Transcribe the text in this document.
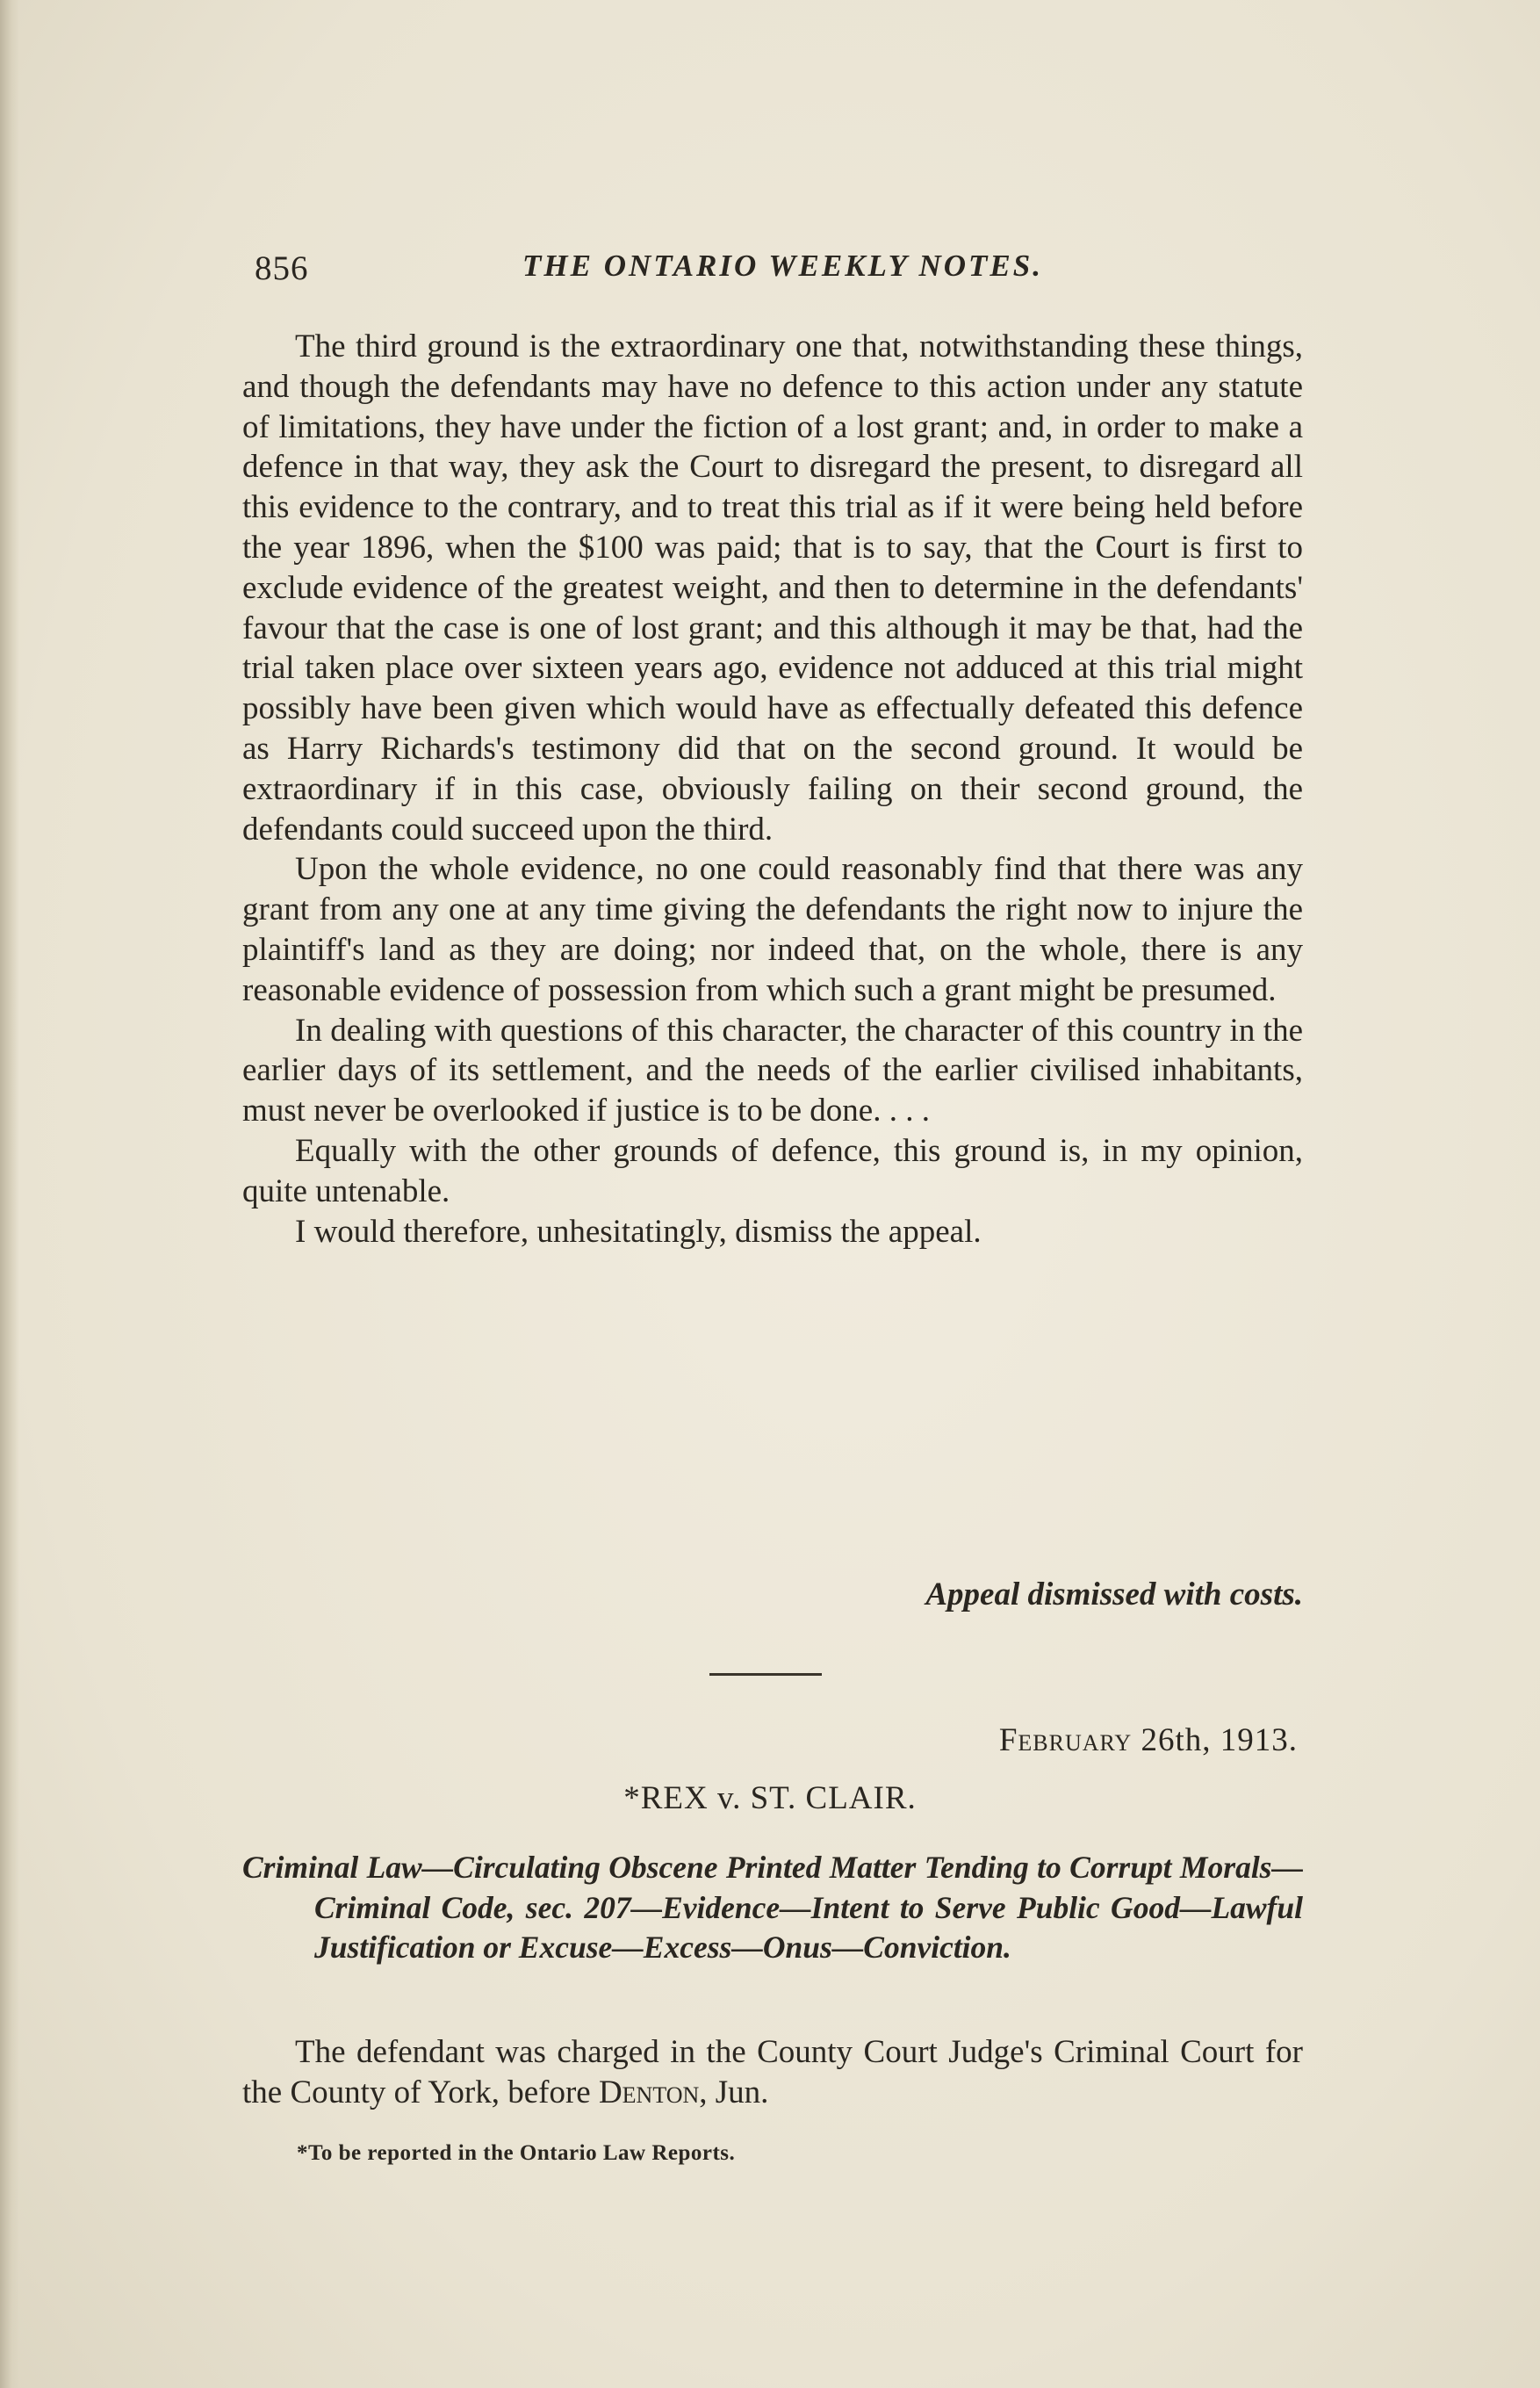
856	THE ONTARIO WEEKLY NOTES.

The third ground is the extraordinary one that, notwithstanding these things, and though the defendants may have no defence to this action under any statute of limitations, they have under the fiction of a lost grant; and, in order to make a defence in that way, they ask the Court to disregard the present, to disregard all this evidence to the contrary, and to treat this trial as if it were being held before the year 1896, when the $100 was paid; that is to say, that the Court is first to exclude evidence of the greatest weight, and then to determine in the defendants' favour that the case is one of lost grant; and this although it may be that, had the trial taken place over sixteen years ago, evidence not adduced at this trial might possibly have been given which would have as effectually defeated this defence as Harry Richards's testimony did that on the second ground. It would be extraordinary if in this case, obviously failing on their second ground, the defendants could succeed upon the third.

Upon the whole evidence, no one could reasonably find that there was any grant from any one at any time giving the defendants the right now to injure the plaintiff's land as they are doing; nor indeed that, on the whole, there is any reasonable evidence of possession from which such a grant might be presumed.

In dealing with questions of this character, the character of this country in the earlier days of its settlement, and the needs of the earlier civilised inhabitants, must never be overlooked if justice is to be done. . . .

Equally with the other grounds of defence, this ground is, in my opinion, quite untenable.

I would therefore, unhesitatingly, dismiss the appeal.

Appeal dismissed with costs.
February 26th, 1913.
*REX v. ST. CLAIR.
Criminal Law—Circulating Obscene Printed Matter Tending to Corrupt Morals—Criminal Code, sec. 207—Evidence—Intent to Serve Public Good—Lawful Justification or Excuse—Excess—Onus—Conviction.
The defendant was charged in the County Court Judge's Criminal Court for the County of York, before Denton, Jun.
*To be reported in the Ontario Law Reports.
